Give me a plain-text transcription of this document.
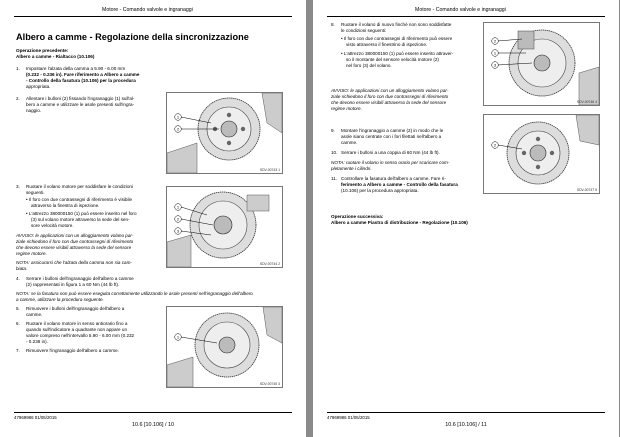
Motore - Comando valvole e ingranaggi
Albero a camme - Regolazione della sincronizzazione
Operazione precedente:
Albero a camme - Rialtacco (10.106)
1. Impostare l'alzata della camma a 5.90 - 6.00 mm
(0.232 - 0.236 in). Fare riferimento a Albero a camme
- Controllo della fasatura (10.106) per la procedura
appropriata.
2. Allentare i bulloni (2) fissando l'ingranaggio (1) sull'al-
bero a camme e utilizzare le asole presenti sull'ingra-
naggio.
1
2
SDV-00743 1
3. Ruotare il volano motore per soddisfare le condizioni
seguenti.
• Il foro con due contrassegni di riferimento è visibile
attraverso la finestra di ispezione.
• L'attrezzo 380000150 (1) può essere inserito nel foro
(3) sul volano motore attraverso la sede del sen-
sore velocità motore.
AVVISO: le applicazioni con un alloggiamento volano par-
ziale richiedono il foro con due contrassegni di riferimento
che devono essere visibili attraverso la sede del sensore
regime motore.
NOTA: assicurarsi che l'alzata della camma non sia cam-
biata.
1
2
3
SDV-00744 2
4. Serrare i bulloni dell'ingranaggio dell'albero a camme
(2) rappresentati in figura 1 a 60 Nm (44 lb ft).
NOTA: se la fasatura non può essere eseguita correttamente utilizzando le asole presenti nell'ingranaggio dell'albero
a camme, utilizzare la procedura seguente.
5. Rimuovere i bulloni dell'ingranaggio dell'albero a
camme.
6. Ruotare il volano motore in senso antiorario fino a
quando sull'indicatore a quadrante non appare un
valore compreso nell'intervallo 5.90 - 6.00 mm (0.232
- 0.236 in).
7. Rimuovere l'ingranaggio dell'albero a camme.
1
SDV-00745 3
47969986 01/05/2015
10.6 [10.106] / 10
Motore - Comando valvole e ingranaggi
8. Ruotare il volano di nuovo finché non sono soddisfatte
le condizioni seguenti:
• Il foro con due contrassegni di riferimento può essere
visto attraverso il finestrino di ispezione.
• L'attrezzo 380000150 (1) può essere inserito attraver-
so il montante del sensore velocità motore (2)
nel foro (3) del volano.
AVVISO: le applicazioni con un alloggiamento volano par-
ziale richiedono il foro con due contrassegni di riferimento
che devono essere visibili attraverso la sede del sensore
regime motore.
2
1
3
SDV-00746 4
9. Montare l'ingranaggio a camme (2) in modo che le
asole siano centrate con i fori filettati nell'albero a
camme.
10. Serrare i bulloni a una coppia di 60 Nm (44 lb ft).
NOTA: ruotare il volano in senso orario per scaricare com-
pletamente i cilindri.
11. Controllare la fasatura dell'albero a camme. Fare ri-
ferimento a Albero a camme - Controllo della fasatura
(10.106) per la procedura appropriata.
2
SDV-00747 5
Operazione successiva:
Albero a camme Piastra di distribuzione - Regolazione (10.106)
47969986 01/05/2015
10.6 [10.106] / 11
